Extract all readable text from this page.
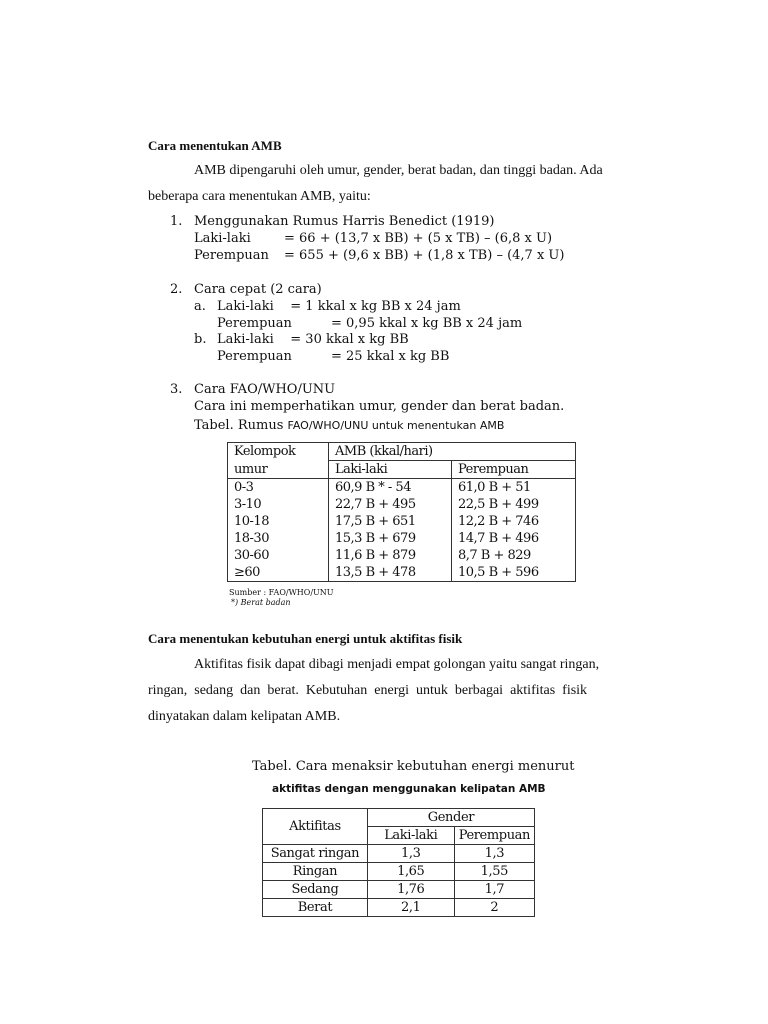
Cara menentukan AMB
AMB dipengaruhi oleh umur, gender, berat badan, dan tinggi badan. Ada
beberapa cara menentukan AMB, yaitu:
1. Menggunakan Rumus Harris Benedict (1919)
Laki-laki	= 66 + (13,7 x BB) + (5 x TB) – (6,8 x U)
Perempuan = 655 + (9,6 x BB) + (1,8 x TB) – (4,7 x U)
2. Cara cepat (2 cara)
a. Laki-laki    = 1 kkal x kg BB x 24 jam
Perempuan	= 0,95 kkal x kg BB x 24 jam
b. Laki-laki    = 30 kkal x kg BB
Perempuan	= 25 kkal x kg BB
3. Cara FAO/WHO/UNU
Cara ini memperhatikan umur, gender dan berat badan.
Tabel. Rumus FAO/WHO/UNU untuk menentukan AMB
Kelompok	AMB (kkal/hari)	
umur	Laki-laki	Perempuan
0-3	60,9 B * - 54	61,0 B + 51
3-10	22,7 B + 495	22,5 B + 499
10-18	17,5 B + 651	12,2 B + 746
18-30	15,3 B + 679	14,7 B + 496
30-60	11,6 B + 879	8,7 B + 829
≥60	13,5 B + 478	10,5 B + 596
Sumber : FAO/WHO/UNU
*) Berat badan
Cara menentukan kebutuhan energi untuk aktifitas fisik
Aktifitas fisik dapat dibagi menjadi empat golongan yaitu sangat ringan,
ringan,  sedang  dan  berat.  Kebutuhan  energi  untuk  berbagai  aktifitas  fisik
dinyatakan dalam kelipatan AMB.
Tabel. Cara menaksir kebutuhan energi menurut
aktifitas dengan menggunakan kelipatan AMB
Aktifitas	Gender	
	Laki-laki	Perempuan
Sangat ringan	1,3	1,3
Ringan	1,65	1,55
Sedang	1,76	1,7
Berat	2,1	2
